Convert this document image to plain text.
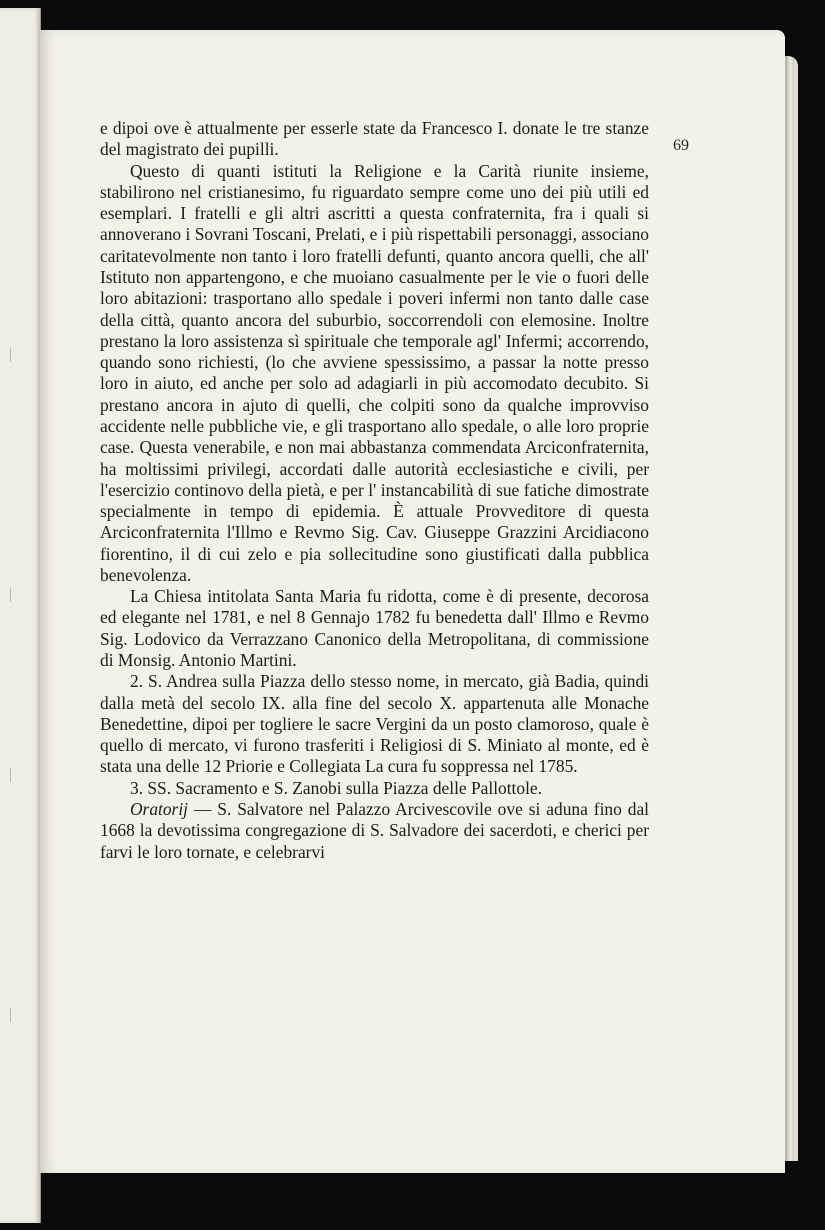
69

e dipoi ove è attualmente per esserle state da Francesco I. donate le tre stanze del magistrato dei pupilli.

Questo di quanti istituti la Religione e la Carità riunite insieme, stabilirono nel cristianesimo, fu riguardato sempre come uno dei più utili ed esemplari. I fratelli e gli altri ascritti a questa confraternita, fra i quali si annoverano i Sovrani Toscani, Prelati, e i più rispettabili personaggi, associano caritatevolmente non tanto i loro fratelli defunti, quanto ancora quelli, che all' Istituto non appartengono, e che muoiano casualmente per le vie o fuori delle loro abitazioni: trasportano allo spedale i poveri infermi non tanto dalle case della città, quanto ancora del suburbio, soccorrendoli con elemosine. Inoltre prestano la loro assistenza sì spirituale che temporale agl' Infermi; accorrendo, quando sono richiesti, (lo che avviene spessissimo, a passar la notte presso loro in aiuto, ed anche per solo ad adagiarli in più accomodato decubito. Si prestano ancora in ajuto di quelli, che colpiti sono da qualche improvviso accidente nelle pubbliche vie, e gli trasportano allo spedale, o alle loro proprie case. Questa venerabile, e non mai abbastanza commendata Arciconfraternita, ha moltissimi privilegi, accordati dalle autorità ecclesiastiche e civili, per l'esercizio continovo della pietà, e per l' instancabilità di sue fatiche dimostrate specialmente in tempo di epidemia. È attuale Provveditore di questa Arciconfraternita l'Illmo e Revmo Sig. Cav. Giuseppe Grazzini Arcidiacono fiorentino, il di cui zelo e pia sollecitudine sono giustificati dalla pubblica benevolenza.

La Chiesa intitolata Santa Maria fu ridotta, come è di presente, decorosa ed elegante nel 1781, e nel 8 Gennajo 1782 fu benedetta dall' Illmo e Revmo Sig. Lodovico da Verrazzano Canonico della Metropolitana, di commissione di Monsig. Antonio Martini.

2. S. Andrea sulla Piazza dello stesso nome, in mercato, già Badia, quindi dalla metà del secolo IX. alla fine del secolo X. appartenuta alle Monache Benedettine, dipoi per togliere le sacre Vergini da un posto clamoroso, quale è quello di mercato, vi furono trasferiti i Religiosi di S. Miniato al monte, ed è stata una delle 12 Priorie e Collegiata La cura fu soppressa nel 1785.

3. SS. Sacramento e S. Zanobi sulla Piazza delle Pallottole.

Oratorij — S. Salvatore nel Palazzo Arcivescovile ove si aduna fino dal 1668 la devotissima congregazione di S. Salvadore dei sacerdoti, e cherici per farvi le loro tornate, e celebrarvi
